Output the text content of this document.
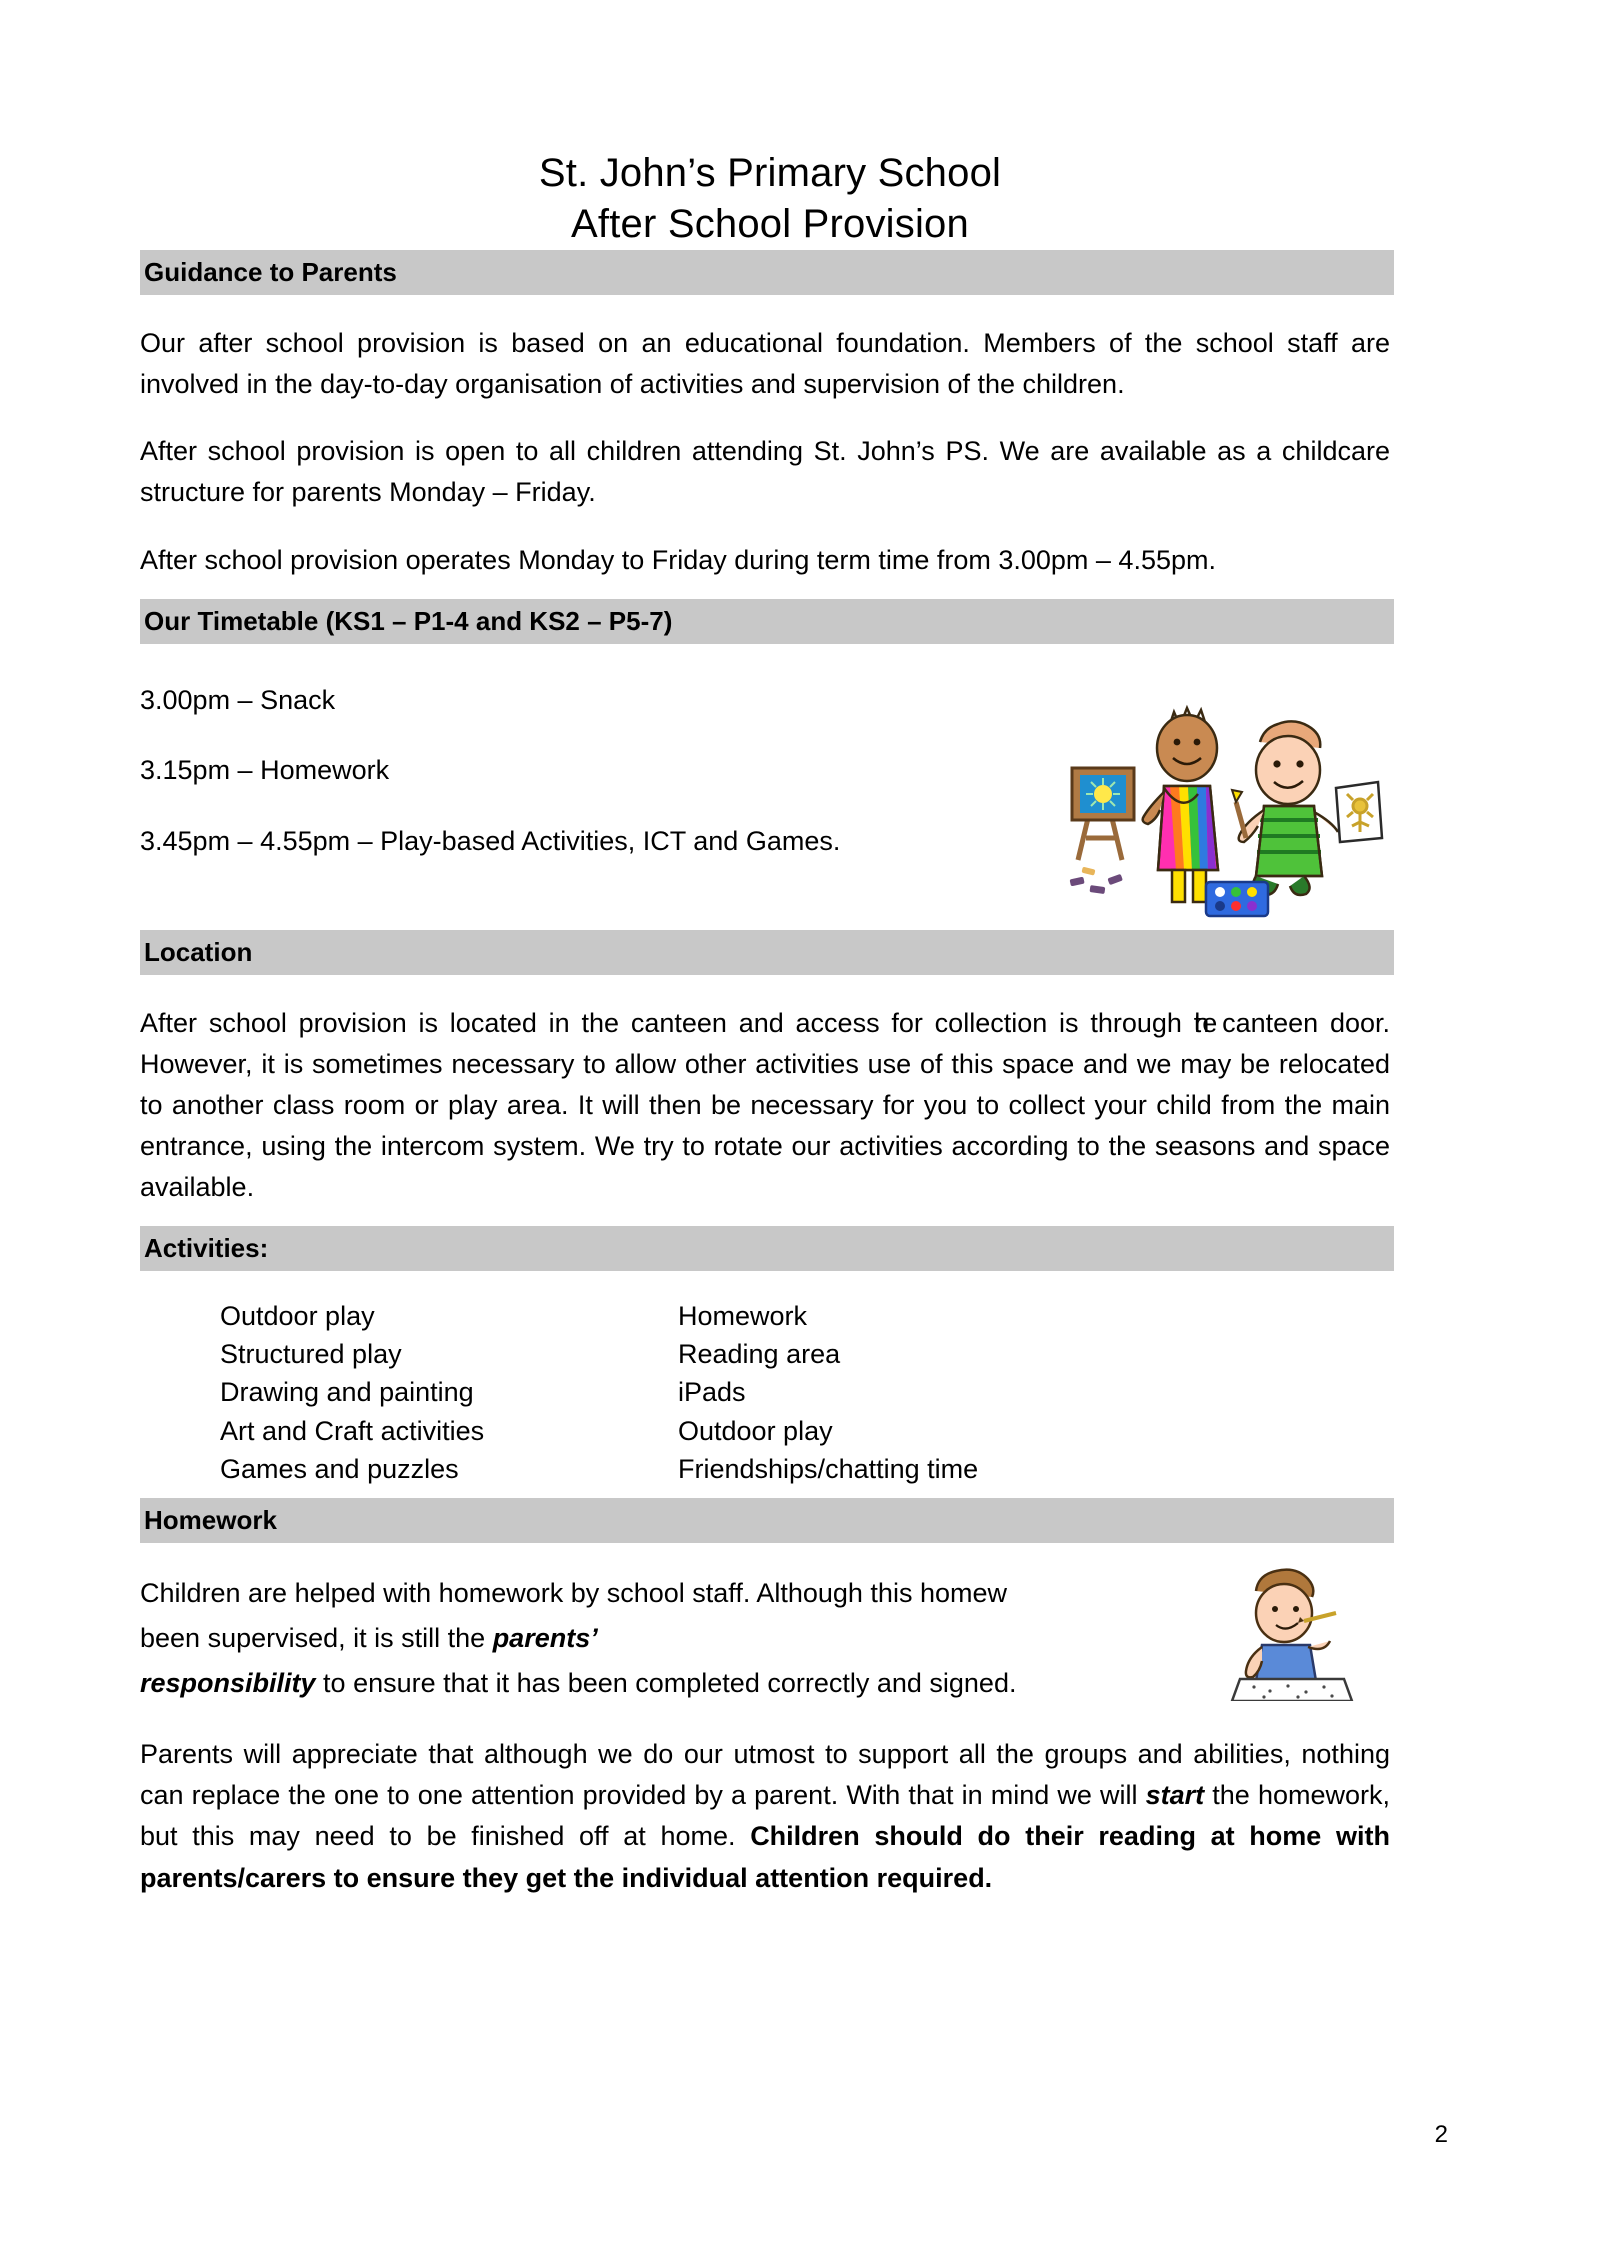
St. John’s Primary School
After School Provision
Guidance to Parents

Our after school provision is based on an educational foundation. Members of the school staff are involved in the day-to-day organisation of activities and supervision of the children.

After school provision is open to all children attending St. John’s PS. We are available as a childcare structure for parents Monday – Friday.

After school provision operates Monday to Friday during term time from 3.00pm – 4.55pm.

Our Timetable (KS1 – P1-4 and KS2 – P5-7)
3.00pm – Snack
3.15pm – Homework
3.45pm – 4.55pm – Play-based Activities, ICT and Games.
Location

After school provision is located in the canteen and access for collection is through the canteen door. However, it is sometimes necessary to allow other activities use of this space and we may be relocated to another class room or play area. It will then be necessary for you to collect your child from the main entrance, using the intercom system. We try to rotate our activities according to the seasons and space available.

Activities:
Outdoor play	Homework
Structured play	Reading area
Drawing and painting	iPads
Art and Craft activities	Outdoor play
Games and puzzles	Friendships/chatting time
Homework

Children are helped with homework by school staff. Although this homew

been supervised, it is still the parents’

responsibility to ensure that it has been completed correctly and signed.

Parents will appreciate that although we do our utmost to support all the groups and abilities, nothing can replace the one to one attention provided by a parent. With that in mind we will start the homework, but this may need to be finished off at home. Children should do their reading at home with parents/carers to ensure they get the individual attention required.

2
